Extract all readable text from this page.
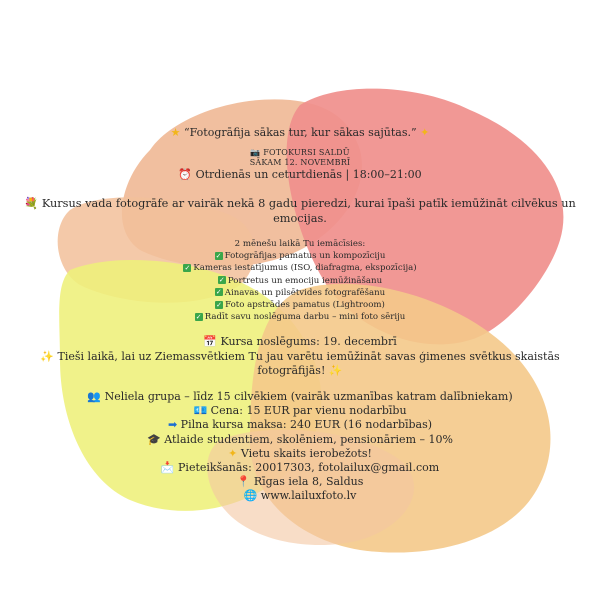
★ “Fotogrāfija sākas tur, kur sākas sajūtas.” ✦
📷 FOTOKURSI SALDŪ
SĀKAM 12. NOVEMBRĪ
⏰ Otrdienās un ceturtdienās | 18:00–21:00
💐 Kursus vada fotogrāfe ar vairāk nekā 8 gadu pieredzi, kurai īpaši patīk iemūžināt cilvēkus un emocijas.
2 mēnešu laikā Tu iemācīsies:
✓ Fotogrāfijas pamatus un kompozīciju
✓ Kameras iestatījumus (ISO, diafragma, ekspozīcija)
✓ Portretus un emociju iemūžināšanu
✓ Ainavas un pilsētvides fotografēšanu
✓ Foto apstrādes pamatus (Lightroom)
✓ Radīt savu noslēguma darbu – mini foto sēriju
📅 Kursa noslēgums: 19. decembrī
✨ Tieši laikā, lai uz Ziemassvētkiem Tu jau varētu iemūžināt savas ģimenes svētkus skaistās
fotogrāfijās! ✨
👥 Neliela grupa – līdz 15 cilvēkiem (vairāk uzmanības katram dalībniekam)
💶 Cena: 15 EUR par vienu nodarbību
➡ Pilna kursa maksa: 240 EUR (16 nodarbības)
🎓 Atlaide studentiem, skolēniem, pensionāriem – 10%
✦ Vietu skaits ierobežots!
📩 Pieteikšanās: 20017303, fotolailux@gmail.com
📍 Rīgas iela 8, Saldus
🌐 www.lailuxfoto.lv
